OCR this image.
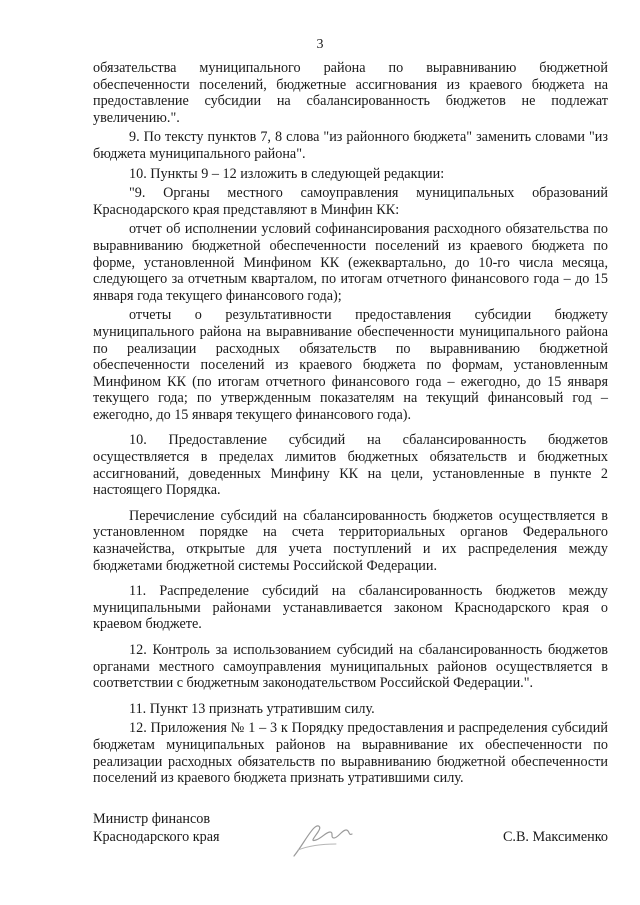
3

обязательства муниципального района по выравниванию бюджетной обеспеченности поселений, бюджетные ассигнования из краевого бюджета на предоставление субсидии на сбалансированность бюджетов не подлежат увеличению.".

9. По тексту пунктов 7, 8 слова "из районного бюджета" заменить словами "из бюджета муниципального района".

10. Пункты 9 – 12 изложить в следующей редакции:

"9. Органы местного самоуправления муниципальных образований Краснодарского края представляют в Минфин КК:

отчет об исполнении условий софинансирования расходного обязательства по выравниванию бюджетной обеспеченности поселений из краевого бюджета по форме, установленной Минфином КК (ежеквартально, до 10-го числа месяца, следующего за отчетным кварталом, по итогам отчетного финансового года – до 15 января года текущего финансового года);

отчеты о результативности предоставления субсидии бюджету муниципального района на выравнивание обеспеченности муниципального района по реализации расходных обязательств по выравниванию бюджетной обеспеченности поселений из краевого бюджета по формам, установленным Минфином КК (по итогам отчетного финансового года – ежегодно, до 15 января текущего года; по утвержденным показателям на текущий финансовый год – ежегодно, до 15 января текущего финансового года).

10. Предоставление субсидий на сбалансированность бюджетов осуществляется в пределах лимитов бюджетных обязательств и бюджетных ассигнований, доведенных Минфину КК на цели, установленные в пункте 2 настоящего Порядка.

Перечисление субсидий на сбалансированность бюджетов осуществляется в установленном порядке на счета территориальных органов Федерального казначейства, открытые для учета поступлений и их распределения между бюджетами бюджетной системы Российской Федерации.

11. Распределение субсидий на сбалансированность бюджетов между муниципальными районами устанавливается законом Краснодарского края о краевом бюджете.

12. Контроль за использованием субсидий на сбалансированность бюджетов органами местного самоуправления муниципальных районов осуществляется в соответствии с бюджетным законодательством Российской Федерации.".

11. Пункт 13 признать утратившим силу.

12. Приложения № 1 – 3 к Порядку предоставления и распределения субсидий бюджетам муниципальных районов на выравнивание их обеспеченности по реализации расходных обязательств по выравниванию бюджетной обеспеченности поселений из краевого бюджета признать утратившими силу.

Министр финансов
Краснодарского края	С.В. Максименко
